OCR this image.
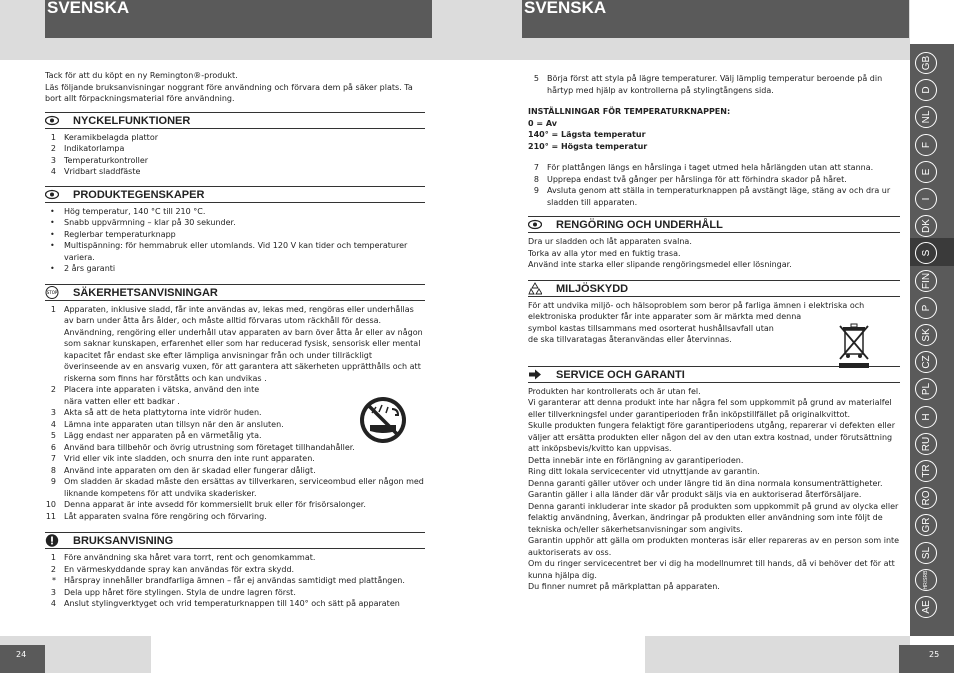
SVENSKA

Tack för att du köpt en ny Remington®-produkt.

Läs följande bruksanvisningar noggrant före användning och förvara dem på säker plats. Ta bort allt förpackningsmaterial före användning.

NYCKELFUNKTIONER
1 Keramikbelagda plattor
2 Indikatorlampa
3 Temperaturkontroller
4 Vridbart sladdfäste
PRODUKTEGENSKAPER
• Hög temperatur, 140 °C till 210 °C.
• Snabb uppvärmning – klar på 30 sekunder.
• Reglerbar temperaturknapp
• Multispänning: för hemmabruk eller utomlands. Vid 120 V kan tider och temperaturer variera.
• 2 års garanti
STOP SÄKERHETSANVISNINGAR
1 Apparaten, inklusive sladd, får inte användas av, lekas med, rengöras eller underhållas av barn under åtta års ålder, och måste alltid förvaras utom räckhåll för dessa. Användning, rengöring eller underhåll utav apparaten av barn över åtta år eller av någon som saknar kunskapen, erfarenhet eller som har reducerad fysisk, sensorisk eller mental kapacitet får endast ske efter lämpliga anvisningar från och under tillräckligt överinseende av en ansvarig vuxen, för att garantera att säkerheten upprätthålls och att riskerna som finns har förståtts och kan undvikas .
2 Placera inte apparaten i vätska, använd den inte nära vatten eller ett badkar .
3 Akta så att de heta plattytorna inte vidrör huden.
4 Lämna inte apparaten utan tillsyn när den är ansluten.
5 Lägg endast ner apparaten på en värmetålig yta.
6 Använd bara tillbehör och övrig utrustning som företaget tillhandahåller.
7 Vrid eller vik inte sladden, och snurra den inte runt apparaten.
8 Använd inte apparaten om den är skadad eller fungerar dåligt.
9 Om sladden är skadad måste den ersättas av tillverkaren, serviceombud eller någon med liknande kompetens för att undvika skaderisker.
10 Denna apparat är inte avsedd för kommersiellt bruk eller för frisörsalonger.
11 Låt apparaten svalna före rengöring och förvaring.
BRUKSANVISNING
1 Före användning ska håret vara torrt, rent och genomkammat.
2 En värmeskyddande spray kan användas för extra skydd.
* Hårspray innehåller brandfarliga ämnen – får ej användas samtidigt med plattången.
3 Dela upp håret före stylingen. Styla de undre lagren först.
4 Anslut stylingverktyget och vrid temperaturknappen till 140° och sätt på apparaten
24
SVENSKA
5 Börja först att styla på lägre temperaturer. Välj lämplig temperatur beroende på din hårtyp med hjälp av kontrollerna på stylingtångens sida.
INSTÄLLNINGAR FÖR TEMPERATURKNAPPEN:
0 = Av
140° = Lägsta temperatur
210° = Högsta temperatur
7 För plattången längs en hårslinga i taget utmed hela hårlängden utan att stanna.
8 Upprepa endast två gånger per hårslinga för att förhindra skador på håret.
9 Avsluta genom att ställa in temperaturknappen på avstängt läge, stäng av och dra ur sladden till apparaten.
RENGÖRING OCH UNDERHÅLL
Dra ur sladden och låt apparaten svalna.
Torka av alla ytor med en fuktig trasa.
Använd inte starka eller slipande rengöringsmedel eller lösningar.
MILJÖSKYDD
För att undvika miljö- och hälsoproblem som beror på farliga ämnen i elektriska och
elektroniska produkter får inte apparater som är märkta med denna
symbol kastas tillsammans med osorterat hushållsavfall utan
de ska tillvaratagas återanvändas eller återvinnas.
SERVICE OCH GARANTI
Produkten har kontrollerats och är utan fel.
Vi garanterar att denna produkt inte har några fel som uppkommit på grund av materialfel eller tillverkningsfel under garantiperioden från inköpstillfället på originalkvittot.
Skulle produkten fungera felaktigt före garantiperiodens utgång, reparerar vi defekten eller väljer att ersätta produkten eller någon del av den utan extra kostnad, under förutsättning att inköpsbevis/kvitto kan uppvisas.
Detta innebär inte en förlängning av garantiperioden.
Ring ditt lokala servicecenter vid utnyttjande av garantin.
Denna garanti gäller utöver och under längre tid än dina normala konsumenträttigheter.
Garantin gäller i alla länder där vår produkt säljs via en auktoriserad återförsäljare.
Denna garanti inkluderar inte skador på produkten som uppkommit på grund av olycka eller felaktig användning, åverkan, ändringar på produkten eller användning som inte följt de tekniska och/eller säkerhetsanvisningar som angivits.
Garantin upphör att gälla om produkten monteras isär eller repareras av en person som inte auktoriserats av oss.
Om du ringer servicecentret ber vi dig ha modellnumret till hands, då vi behöver det för att kunna hjälpa dig.
Du finner numret på märkplattan på apparaten.
25
GB
D
NL
F
E
I
DK
S
FIN
P
SK
CZ
PL
H
RU
TR
RO
GR
SL
HR/SRB
AE
